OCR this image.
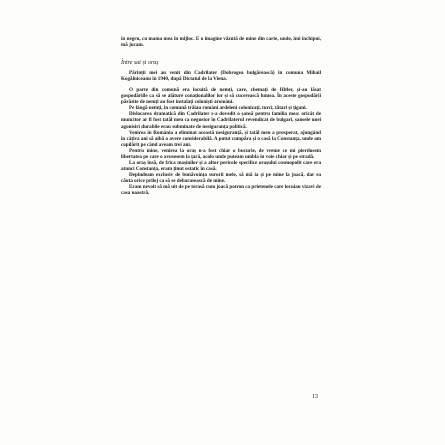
în negru, cu mama mea în mijloc. E o imagine văzută de mine din carte, unde, îmi închipui, mă jucam.

Între sat și oraș

Părinții mei au venit din Cadrilater (Dobrogea bulgărească) în comuna Mihail Kogălniceanu în 1940, după Dictatul de la Viena.

O parte din comună era locuită de nemți, care, chemați de Hitler, și-au lăsat gospodăriile ca să se alăture conaționalilor lor și să cucerească lumea. În aceste gospodării părăsite de nemți au fost instalați coloniști aromâni.

Pe lângă nemți, în comună trăiau români ardeleni colonizați, turci, tătari și țigani.

Dislocarea dramatică din Cadrilater s-a dovedit o șansă pentru familia mea: oricât de muncitor ar fi fost tatăl meu ca negustor în Cadrilaterul revendicat de bulgari, șansele unei agonisiri durabile erau subminate de nesiguranța politică.

Venirea în România a eliminat această nesiguranță, și tatăl meu a prosperat, ajungând în câțiva ani să aibă o avere considerabilă. A putut cumpăra și o casă la Constanța, unde am copilărit pe când aveam trei ani.

Pentru mine, venirea la oraș n-a fost chiar o bucurie, de vreme ce mi pierdusem libertatea pe care o avusesem la țară, acolo unde puteam umbla în voie chiar și pe stradă.

La oraș însă, de frica mașinilor și a altor pericole specifice orașului cosmopolit care era atunci Constanța, eram ținut ostatic în casă.

Depindeam exclusiv de bunăvoința surorii mele, să mă ia și pe mine la joacă, dar ea căuta orice prilej ca să se debarasească de mine.

Eram nevoit să mă uit de pe terasă cum joacă potron ca prietenele care locuiau vizavi de casa noastră.

13
